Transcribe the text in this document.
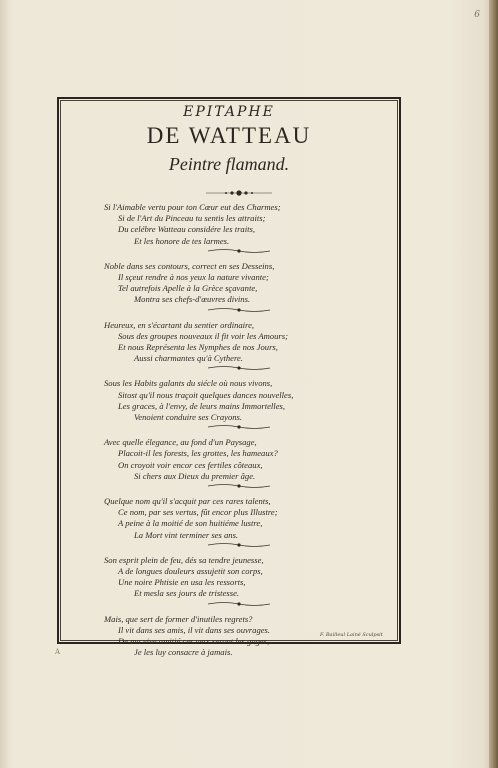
6
EPITAPHE
DE WATTEAU
Peintre flamand.
Si l'Aimable vertu pour ton Cœur eut des Charmes;
Si de l'Art du Pinceau tu sentis les attraits;
Du celébre Watteau considére les traits,
Et les honore de tes larmes.
Noble dans ses contours, correct en ses Desseins,
Il sçeut rendre à nos yeux la nature vivante;
Tel autrefois Apelle à la Grèce sçavante,
Montra ses chefs-d'œuvres divins.
Heureux, en s'écartant du sentier ordinaire,
Sous des groupes nouveaux il fit voir les Amours;
Et nous Représenta les Nymphes de nos Jours,
Aussi charmantes qu'à Cythere.
Sous les Habits galants du siécle où nous vivons,
Sitost qu'il nous traçoit quelques dances nouvelles,
Les graces, à l'envy, de leurs mains Immortelles,
Venoient conduire ses Crayons.
Avec quelle élegance, au fond d'un Paysage,
Placoit-il les forests, les grottes, les hameaux?
On croyoit voir encor ces fertiles côteaux,
Si chers aux Dieux du premier âge.
Quelque nom qu'il s'acquit par ces rares talents,
Ce nom, par ses vertus, fût encor plus Illustre;
A peine à la moitié de son huitiéme lustre,
La Mort vint terminer ses ans.
Son esprit plein de feu, dés sa tendre jeunesse,
A de longues douleurs assujetit son corps,
Une noire Phtisie en usa les ressorts,
Et mesla ses jours de tristesse.
Mais, que sert de former d'inutiles regrets?
Il vit dans ses amis, il vit dans ses ouvrages.
De ma vive amitié ces vers seront les gages,
Je les luy consacre à jamais.
F. Bailleul Lainé Sculpsit
A
